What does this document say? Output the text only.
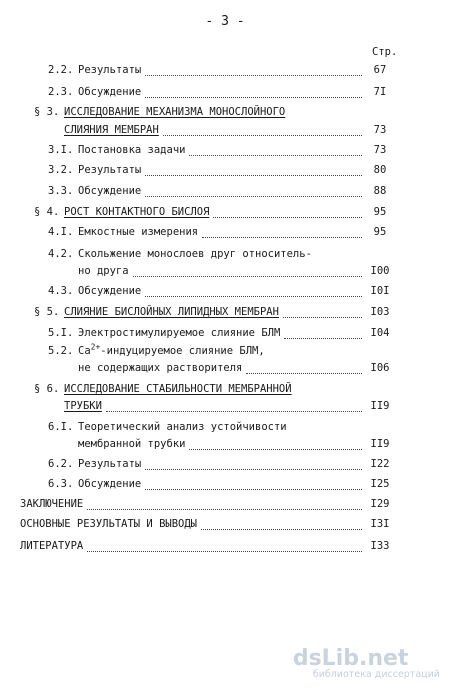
- 3 -
Стр.
2.2. Результаты	67
2.3. Обсуждение	7I
§ 3. ИССЛЕДОВАНИЕ МЕХАНИЗМА МОНОСЛОЙНОГО
СЛИЯНИЯ МЕМБРАН	73
3.I. Постановка задачи	73
3.2. Результаты	80
3.3. Обсуждение	88
§ 4. РОСТ КОНТАКТНОГО БИСЛОЯ	95
4.I. Емкостные измерения	95
4.2. Скольжение монослоев друг относитель-
но друга	I00
4.3. Обсуждение	I0I
§ 5. СЛИЯНИЕ БИСЛОЙНЫХ ЛИПИДНЫХ МЕМБРАН	I03
5.I. Электростимулируемое слияние БЛМ	I04
5.2. $Са^{2+}$-индуцируемое слияние БЛМ,
не содержащих растворителя	I06
§ 6. ИССЛЕДОВАНИЕ СТАБИЛЬНОСТИ МЕМБРАННОЙ
ТРУБКИ	II9
6.I. Теоретический анализ устойчивости
мембранной трубки	II9
6.2. Результаты	I22
6.3. Обсуждение	I25
ЗАКЛЮЧЕНИЕ	I29
ОСНОВНЫЕ РЕЗУЛЬТАТЫ И ВЫВОДЫ	I3I
ЛИТЕРАТУРА	I33
dsLib.net
библиотека диссертаций
